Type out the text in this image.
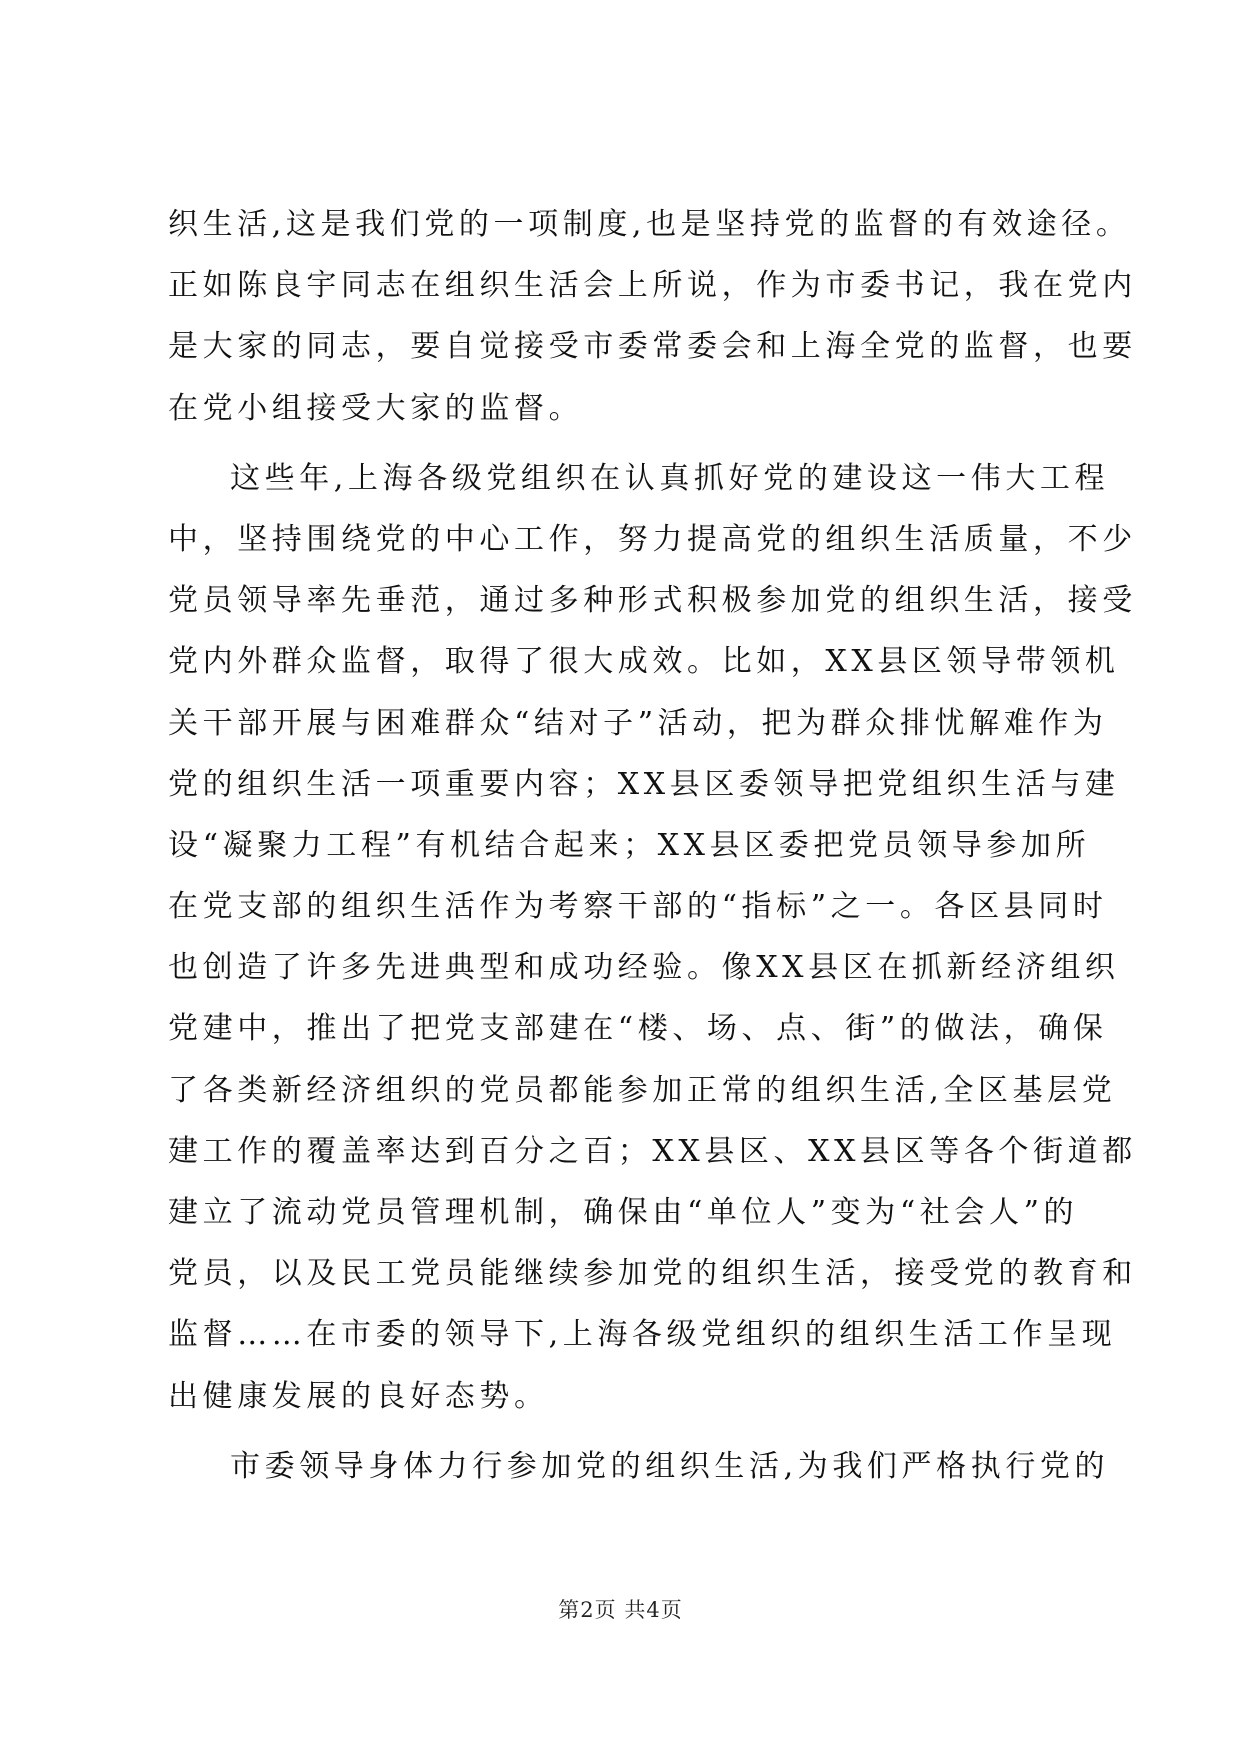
织生活,这是我们党的一项制度,也是坚持党的监督的有效途径。
正如陈良宇同志在组织生活会上所说，作为市委书记，我在党内
是大家的同志，要自觉接受市委常委会和上海全党的监督，也要
在党小组接受大家的监督。
这些年,上海各级党组织在认真抓好党的建设这一伟大工程
中，坚持围绕党的中心工作，努力提高党的组织生活质量，不少
党员领导率先垂范，通过多种形式积极参加党的组织生活，接受
党内外群众监督，取得了很大成效。比如，XX县区领导带领机
关干部开展与困难群众“结对子”活动，把为群众排忧解难作为
党的组织生活一项重要内容；XX县区委领导把党组织生活与建
设“凝聚力工程”有机结合起来；XX县区委把党员领导参加所
在党支部的组织生活作为考察干部的“指标”之一。各区县同时
也创造了许多先进典型和成功经验。像XX县区在抓新经济组织
党建中，推出了把党支部建在“楼、场、点、街”的做法，确保
了各类新经济组织的党员都能参加正常的组织生活,全区基层党
建工作的覆盖率达到百分之百；XX县区、XX县区等各个街道都
建立了流动党员管理机制，确保由“单位人”变为“社会人”的
党员，以及民工党员能继续参加党的组织生活，接受党的教育和
监督……在市委的领导下,上海各级党组织的组织生活工作呈现
出健康发展的良好态势。
市委领导身体力行参加党的组织生活,为我们严格执行党的
第2页 共4页
